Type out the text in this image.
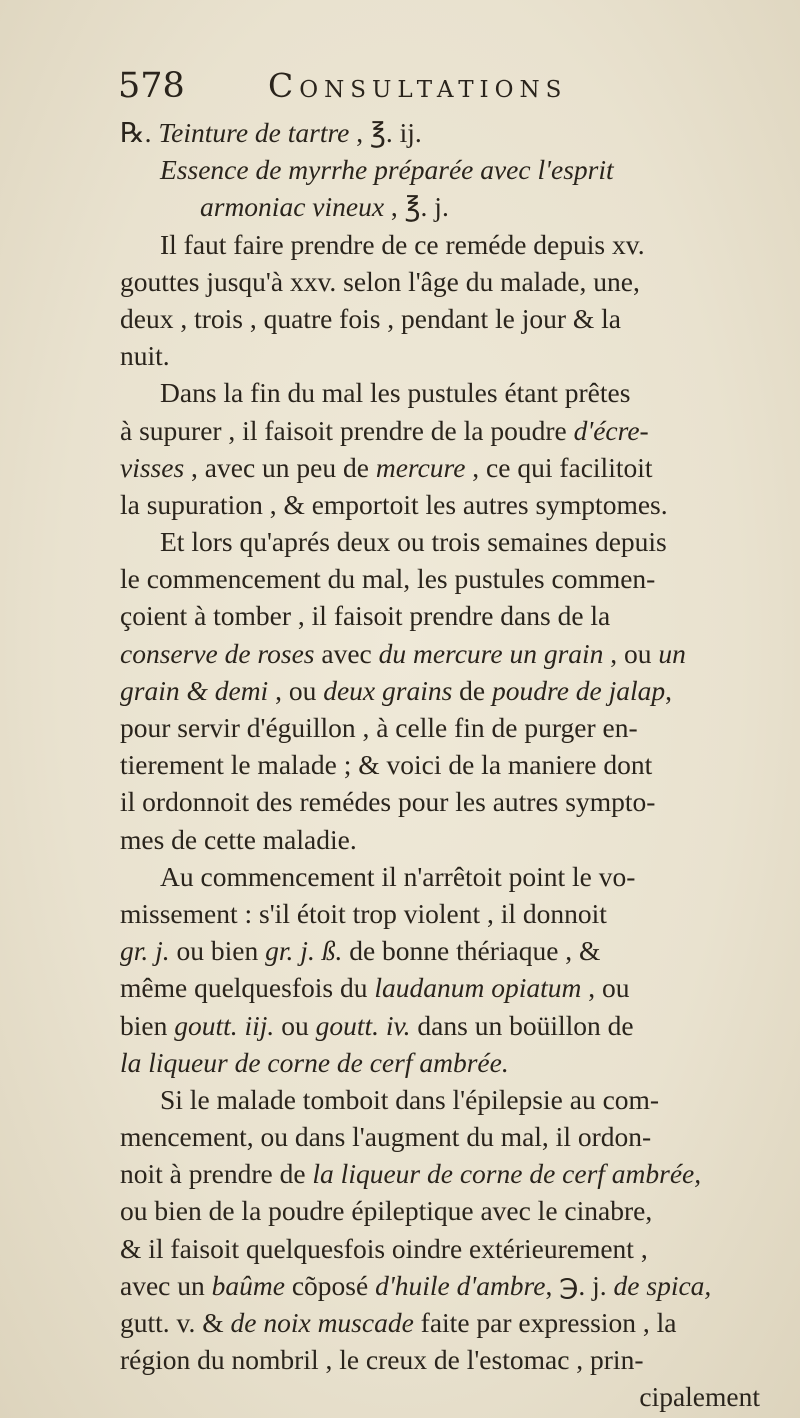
578	Consultations
℞. Teinture de tartre , ℥. ij.
Essence de myrrhe préparée avec l'esprit
armoniac vineux , ℥. j.
Il faut faire prendre de ce reméde depuis xv.
gouttes jusqu'à xxv. selon l'âge du malade, une,
deux , trois , quatre fois , pendant le jour & la
nuit.
Dans la fin du mal les pustules étant prêtes
à supurer , il faisoit prendre de la poudre d'écre-
visses , avec un peu de mercure , ce qui facilitoit
la supuration , & emportoit les autres symptomes.
Et lors qu'aprés deux ou trois semaines depuis
le commencement du mal, les pustules commen-
çoient à tomber , il faisoit prendre dans de la
conserve de roses avec du mercure un grain , ou un
grain & demi , ou deux grains de poudre de jalap,
pour servir d'éguillon , à celle fin de purger en-
tierement le malade ; & voici de la maniere dont
il ordonnoit des remédes pour les autres sympto-
mes de cette maladie.
Au commencement il n'arrêtoit point le vo-
missement : s'il étoit trop violent , il donnoit
gr. j. ou bien gr. j. ß. de bonne thériaque , &
même quelquesfois du laudanum opiatum , ou
bien goutt. iij. ou goutt. iv. dans un boüillon de
la liqueur de corne de cerf ambrée.
Si le malade tomboit dans l'épilepsie au com-
mencement, ou dans l'augment du mal, il ordon-
noit à prendre de la liqueur de corne de cerf ambrée,
ou bien de la poudre épileptique avec le cinabre,
& il faisoit quelquesfois oindre extérieurement ,
avec un baûme cõposé d'huile d'ambre, ℈. j. de spica,
gutt. v. & de noix muscade faite par expression , la
région du nombril , le creux de l'estomac , prin-
cipalement
